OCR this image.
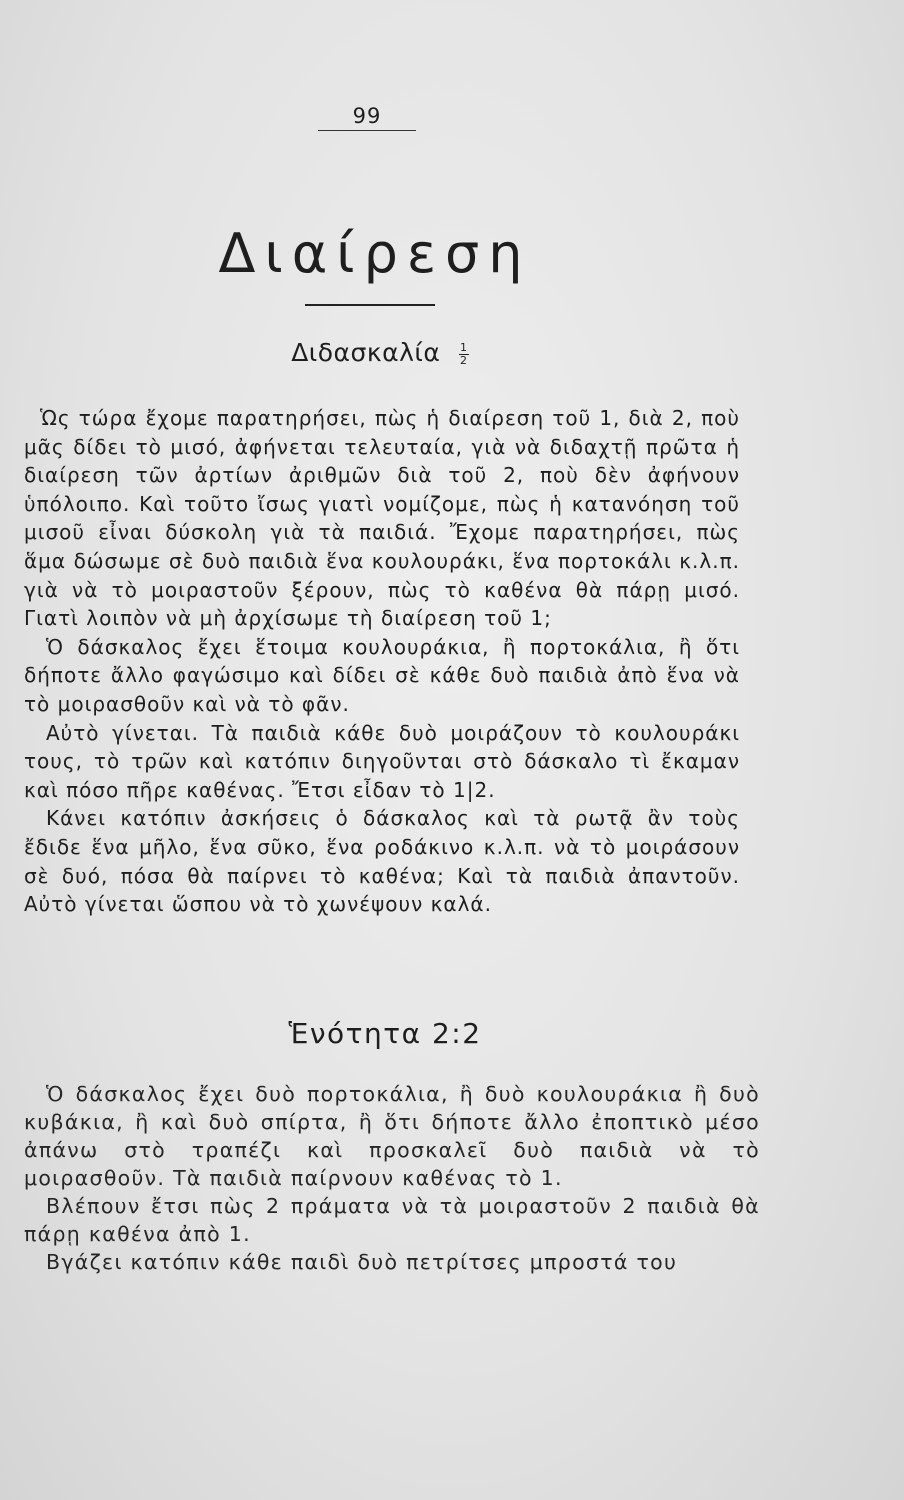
99
Διαίρεση
Διδασκαλία $\frac{1}{2}$

Ὡς τώρα ἔχομε παρατηρήσει, πὼς ἡ διαίρεση τοῦ 1, διὰ 2, ποὺ μᾶς δίδει τὸ μισό, ἀφήνεται τελευταία, γιὰ νὰ διδαχτῇ πρῶτα ἡ διαίρεση τῶν ἀρτίων ἀριθμῶν διὰ τοῦ 2, ποὺ δὲν ἀφήνουν ὑπόλοιπο. Καὶ τοῦτο ἴσως γιατὶ νομίζομε, πὼς ἡ κατανόηση τοῦ μισοῦ εἶναι δύσκολη γιὰ τὰ παιδιά. Ἔχομε παρατηρήσει, πὼς ἅμα δώσωμε σὲ δυὸ παιδιὰ ἕνα κουλουράκι, ἕνα πορτοκάλι κ.λ.π. γιὰ νὰ τὸ μοιραστοῦν ξέρουν, πὼς τὸ καθένα θὰ πάρῃ μισό. Γιατὶ λοιπὸν νὰ μὴ ἀρχίσωμε τὴ διαίρεση τοῦ 1;

Ὁ δάσκαλος ἔχει ἕτοιμα κουλουράκια, ἢ πορτοκάλια, ἢ ὅτι δήποτε ἄλλο φαγώσιμο καὶ δίδει σὲ κάθε δυὸ παιδιὰ ἀπὸ ἕνα νὰ τὸ μοιρασθοῦν καὶ νὰ τὸ φᾶν.

Αὐτὸ γίνεται. Τὰ παιδιὰ κάθε δυὸ μοιράζουν τὸ κουλουράκι τους, τὸ τρῶν καὶ κατόπιν διηγοῦνται στὸ δάσκαλο τὶ ἔκαμαν καὶ πόσο πῆρε καθένας. Ἔτσι εἶδαν τὸ 1|2.

Κάνει κατόπιν ἀσκήσεις ὁ δάσκαλος καὶ τὰ ρωτᾷ ἂν τοὺς ἔδιδε ἕνα μῆλο, ἕνα σῦκο, ἕνα ροδάκινο κ.λ.π. νὰ τὸ μοιράσουν σὲ δυό, πόσα θὰ παίρνει τὸ καθένα; Καὶ τὰ παιδιὰ ἀπαντοῦν. Αὐτὸ γίνεται ὥσπου νὰ τὸ χωνέψουν καλά.

Ἑνότητα 2:2

Ὁ δάσκαλος ἔχει δυὸ πορτοκάλια, ἢ δυὸ κουλουράκια ἢ δυὸ κυβάκια, ἢ καὶ δυὸ σπίρτα, ἢ ὅτι δήποτε ἄλλο ἐποπτικὸ μέσο ἀπάνω στὸ τραπέζι καὶ προσκαλεῖ δυὸ παιδιὰ νὰ τὸ μοιρασθοῦν. Τὰ παιδιὰ παίρνουν καθένας τὸ 1.

Βλέπουν ἔτσι πὼς 2 πράματα νὰ τὰ μοιραστοῦν 2 παιδιὰ θὰ πάρῃ καθένα ἀπὸ 1.

Βγάζει κατόπιν κάθε παιδὶ δυὸ πετρίτσες μπροστά του
